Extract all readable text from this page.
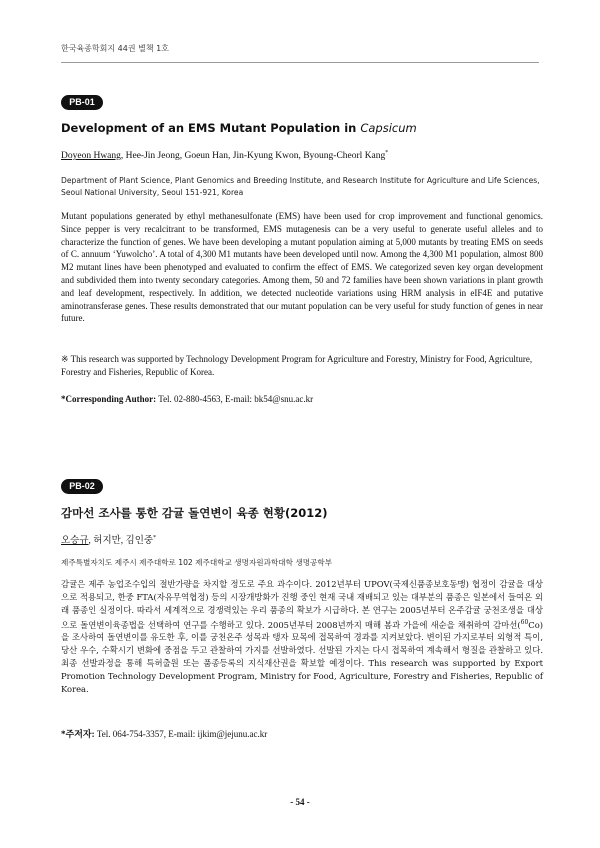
한국육종학회지 44권 별책 1호
PB-01
Development of an EMS Mutant Population in Capsicum
Doyeon Hwang, Hee-Jin Jeong, Goeun Han, Jin-Kyung Kwon, Byoung-Cheorl Kang*
Department of Plant Science, Plant Genomics and Breeding Institute, and Research Institute for Agriculture and Life Sciences, Seoul National University, Seoul 151-921, Korea
Mutant populations generated by ethyl methanesulfonate (EMS) have been used for crop improvement and functional genomics. Since pepper is very recalcitrant to be transformed, EMS mutagenesis can be a very useful to generate useful alleles and to characterize the function of genes. We have been developing a mutant population aiming at 5,000 mutants by treating EMS on seeds of C. annuum ‘Yuwolcho’. A total of 4,300 M1 mutants have been developed until now. Among the 4,300 M1 population, almost 800 M2 mutant lines have been phenotyped and evaluated to confirm the effect of EMS. We categorized seven key organ development and subdivided them into twenty secondary categories. Among them, 50 and 72 families have been shown variations in plant growth and leaf development, respectively. In addition, we detected nucleotide variations using HRM analysis in eIF4E and putative aminotransferase genes. These results demonstrated that our mutant population can be very useful for study function of genes in near future.
※ This research was supported by Technology Development Program for Agriculture and Forestry, Ministry for Food, Agriculture, Forestry and Fisheries, Republic of Korea.
*Corresponding Author: Tel. 02-880-4563, E-mail: bk54@snu.ac.kr
PB-02
감마선 조사를 통한 감귤 돌연변이 육종 현황(2012)
오승규, 허지만, 김인중*
제주특별자치도 제주시 제주대학로 102 제주대학교 생명자원과학대학 생명공학부
감귤은 제주 농업조수입의 절반가량을 차지할 정도로 주요 과수이다. 2012년부터 UPOV(국제신품종보호동맹) 협정이 감귤을 대상으로 적용되고, 한중 FTA(자유무역협정) 등의 시장개방화가 진행 중인 현재 국내 재배되고 있는 대부분의 품종은 일본에서 들여온 외래 품종인 실정이다. 따라서 세계적으로 경쟁력있는 우리 품종의 확보가 시급하다. 본 연구는 2005년부터 온주감귤 궁천조생을 대상으로 돌연변이육종법을 선택하여 연구를 수행하고 있다. 2005년부터 2008년까지 매해 봄과 가을에 새순을 채취하여 감마선($^{60}$Co)을 조사하여 돌연변이를 유도한 후, 이를 궁천온주 성목과 탱자 묘목에 접목하여 경과를 지켜보았다. 변이된 가지로부터 외형적 특이, 당산 우수, 수확시기 변화에 중점을 두고 관찰하여 가지를 선발하였다. 선발된 가지는 다시 접목하여 계속해서 형질을 관찰하고 있다. 최종 선발과정을 통해 특허출원 또는 품종등록의 지식재산권을 확보할 예정이다. This research was supported by Export Promotion Technology Development Program, Ministry for Food, Agriculture, Forestry and Fisheries, Republic of Korea.
*주저자: Tel. 064-754-3357, E-mail: ijkim@jejunu.ac.kr
- 54 -
